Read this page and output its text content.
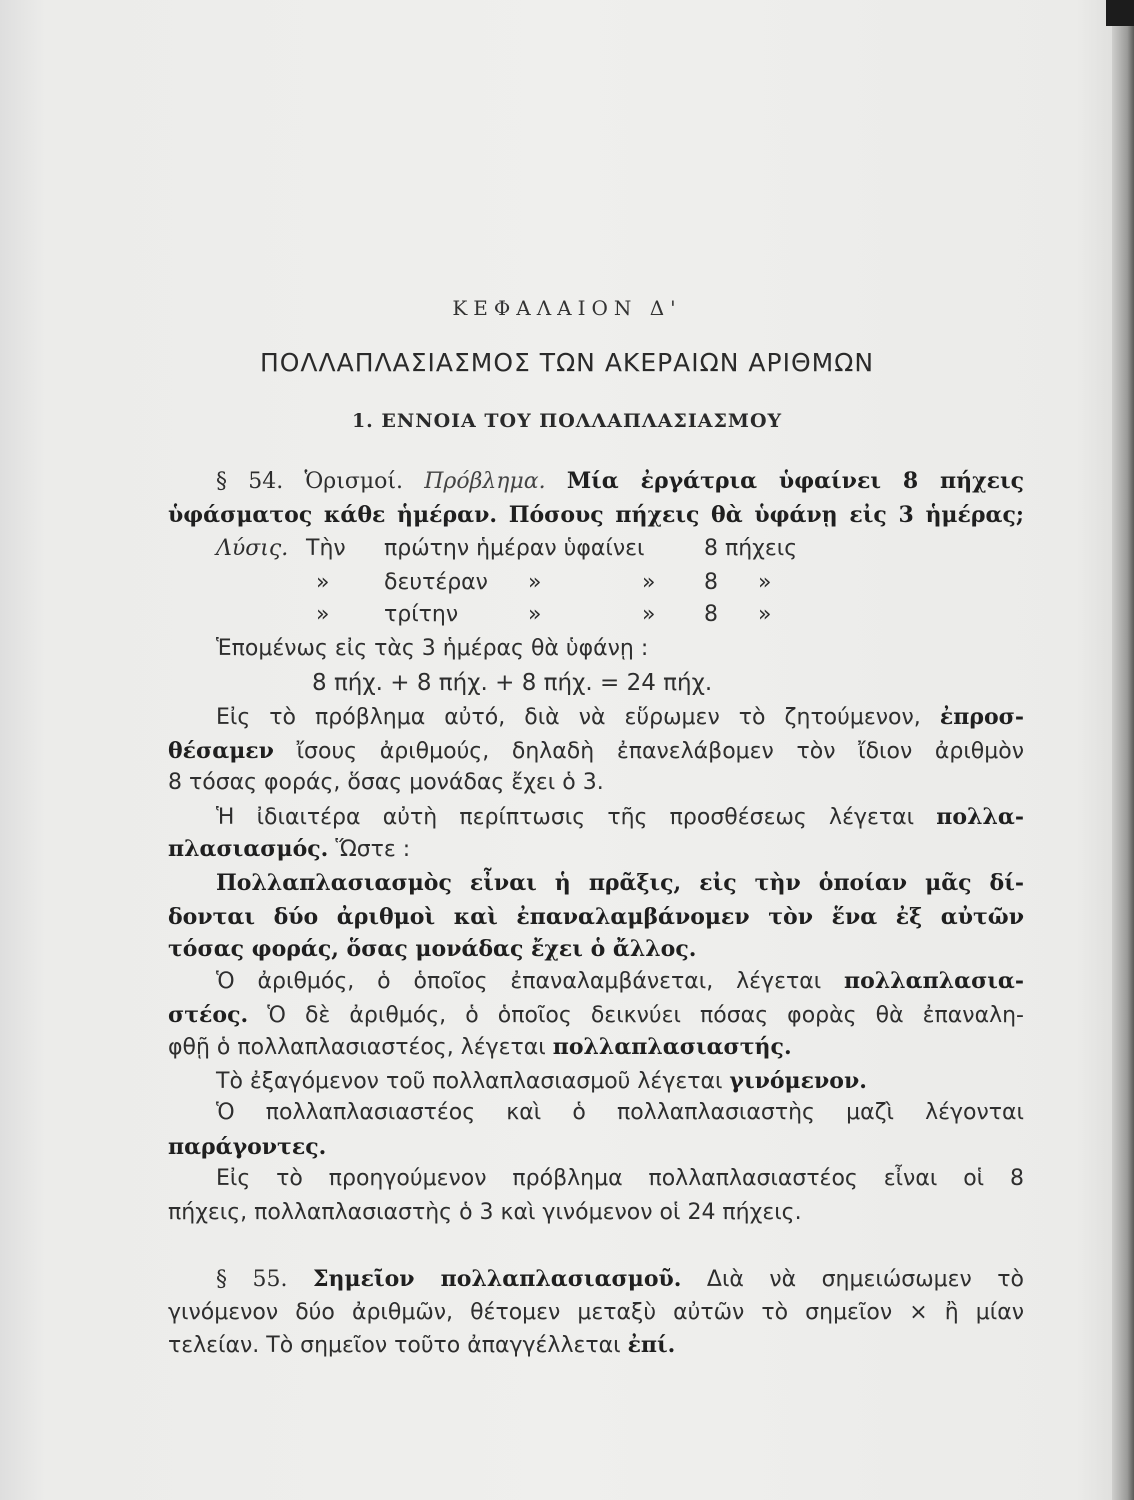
ΚΕΦΑΛΑΙΟΝ Δ'
ΠΟΛΛΑΠΛΑΣΙΑΣΜΟΣ ΤΩΝ ΑΚΕΡΑΙΩΝ ΑΡΙΘΜΩΝ
1. ΕΝΝΟΙΑ ΤΟΥ ΠΟΛΛΑΠΛΑΣΙΑΣΜΟΥ
§ 54. Ὁρισμοί. Πρόβλημα. Μία ἐργάτρια ὑφαίνει 8 πήχεις
ὑφάσματος κάθε ἡμέραν. Πόσους πήχεις θὰ ὑφάνῃ εἰς 3 ἡμέρας;
Λύσις. Τὴν πρώτην ἡμέραν ὑφαίνει	8 πήχεις
» δευτέραν »	» 8 »
» τρίτην	»	» 8 »
Ἑπομένως εἰς τὰς 3 ἡμέρας θὰ ὑφάνῃ :
8 πήχ. + 8 πήχ. + 8 πήχ. = 24 πήχ.
Εἰς τὸ πρόβλημα αὐτό, διὰ νὰ εὕρωμεν τὸ ζητούμενον, ἐπροσ-
θέσαμεν ἴσους ἀριθμούς, δηλαδὴ ἐπανελάβομεν τὸν ἴδιον ἀριθμὸν
8 τόσας φοράς, ὅσας μονάδας ἔχει ὁ 3.
Ἡ ἰδιαιτέρα αὐτὴ περίπτωσις τῆς προσθέσεως λέγεται πολλα-
πλασιασμός. Ὥστε :
Πολλαπλασιασμὸς εἶναι ἡ πρᾶξις, εἰς τὴν ὁποίαν μᾶς δί-
δονται δύο ἀριθμοὶ καὶ ἐπαναλαμβάνομεν τὸν ἕνα ἐξ αὐτῶν
τόσας φοράς, ὅσας μονάδας ἔχει ὁ ἄλλος.
Ὁ ἀριθμός, ὁ ὁποῖος ἐπαναλαμβάνεται, λέγεται πολλαπλασια-
στέος. Ὁ δὲ ἀριθμός, ὁ ὁποῖος δεικνύει πόσας φορὰς θὰ ἐπαναλη-
φθῇ ὁ πολλαπλασιαστέος, λέγεται πολλαπλασιαστής.
Τὸ ἐξαγόμενον τοῦ πολλαπλασιασμοῦ λέγεται γινόμενον.
Ὁ πολλαπλασιαστέος καὶ ὁ πολλαπλασιαστὴς μαζὶ λέγονται
παράγοντες.
Εἰς τὸ προηγούμενον πρόβλημα πολλαπλασιαστέος εἶναι οἱ 8
πήχεις, πολλαπλασιαστὴς ὁ 3 καὶ γινόμενον οἱ 24 πήχεις.
§ 55. Σημεῖον πολλαπλασιασμοῦ. Διὰ νὰ σημειώσωμεν τὸ
γινόμενον δύο ἀριθμῶν, θέτομεν μεταξὺ αὐτῶν τὸ σημεῖον × ἢ μίαν
τελείαν. Τὸ σημεῖον τοῦτο ἀπαγγέλλεται ἐπί.
